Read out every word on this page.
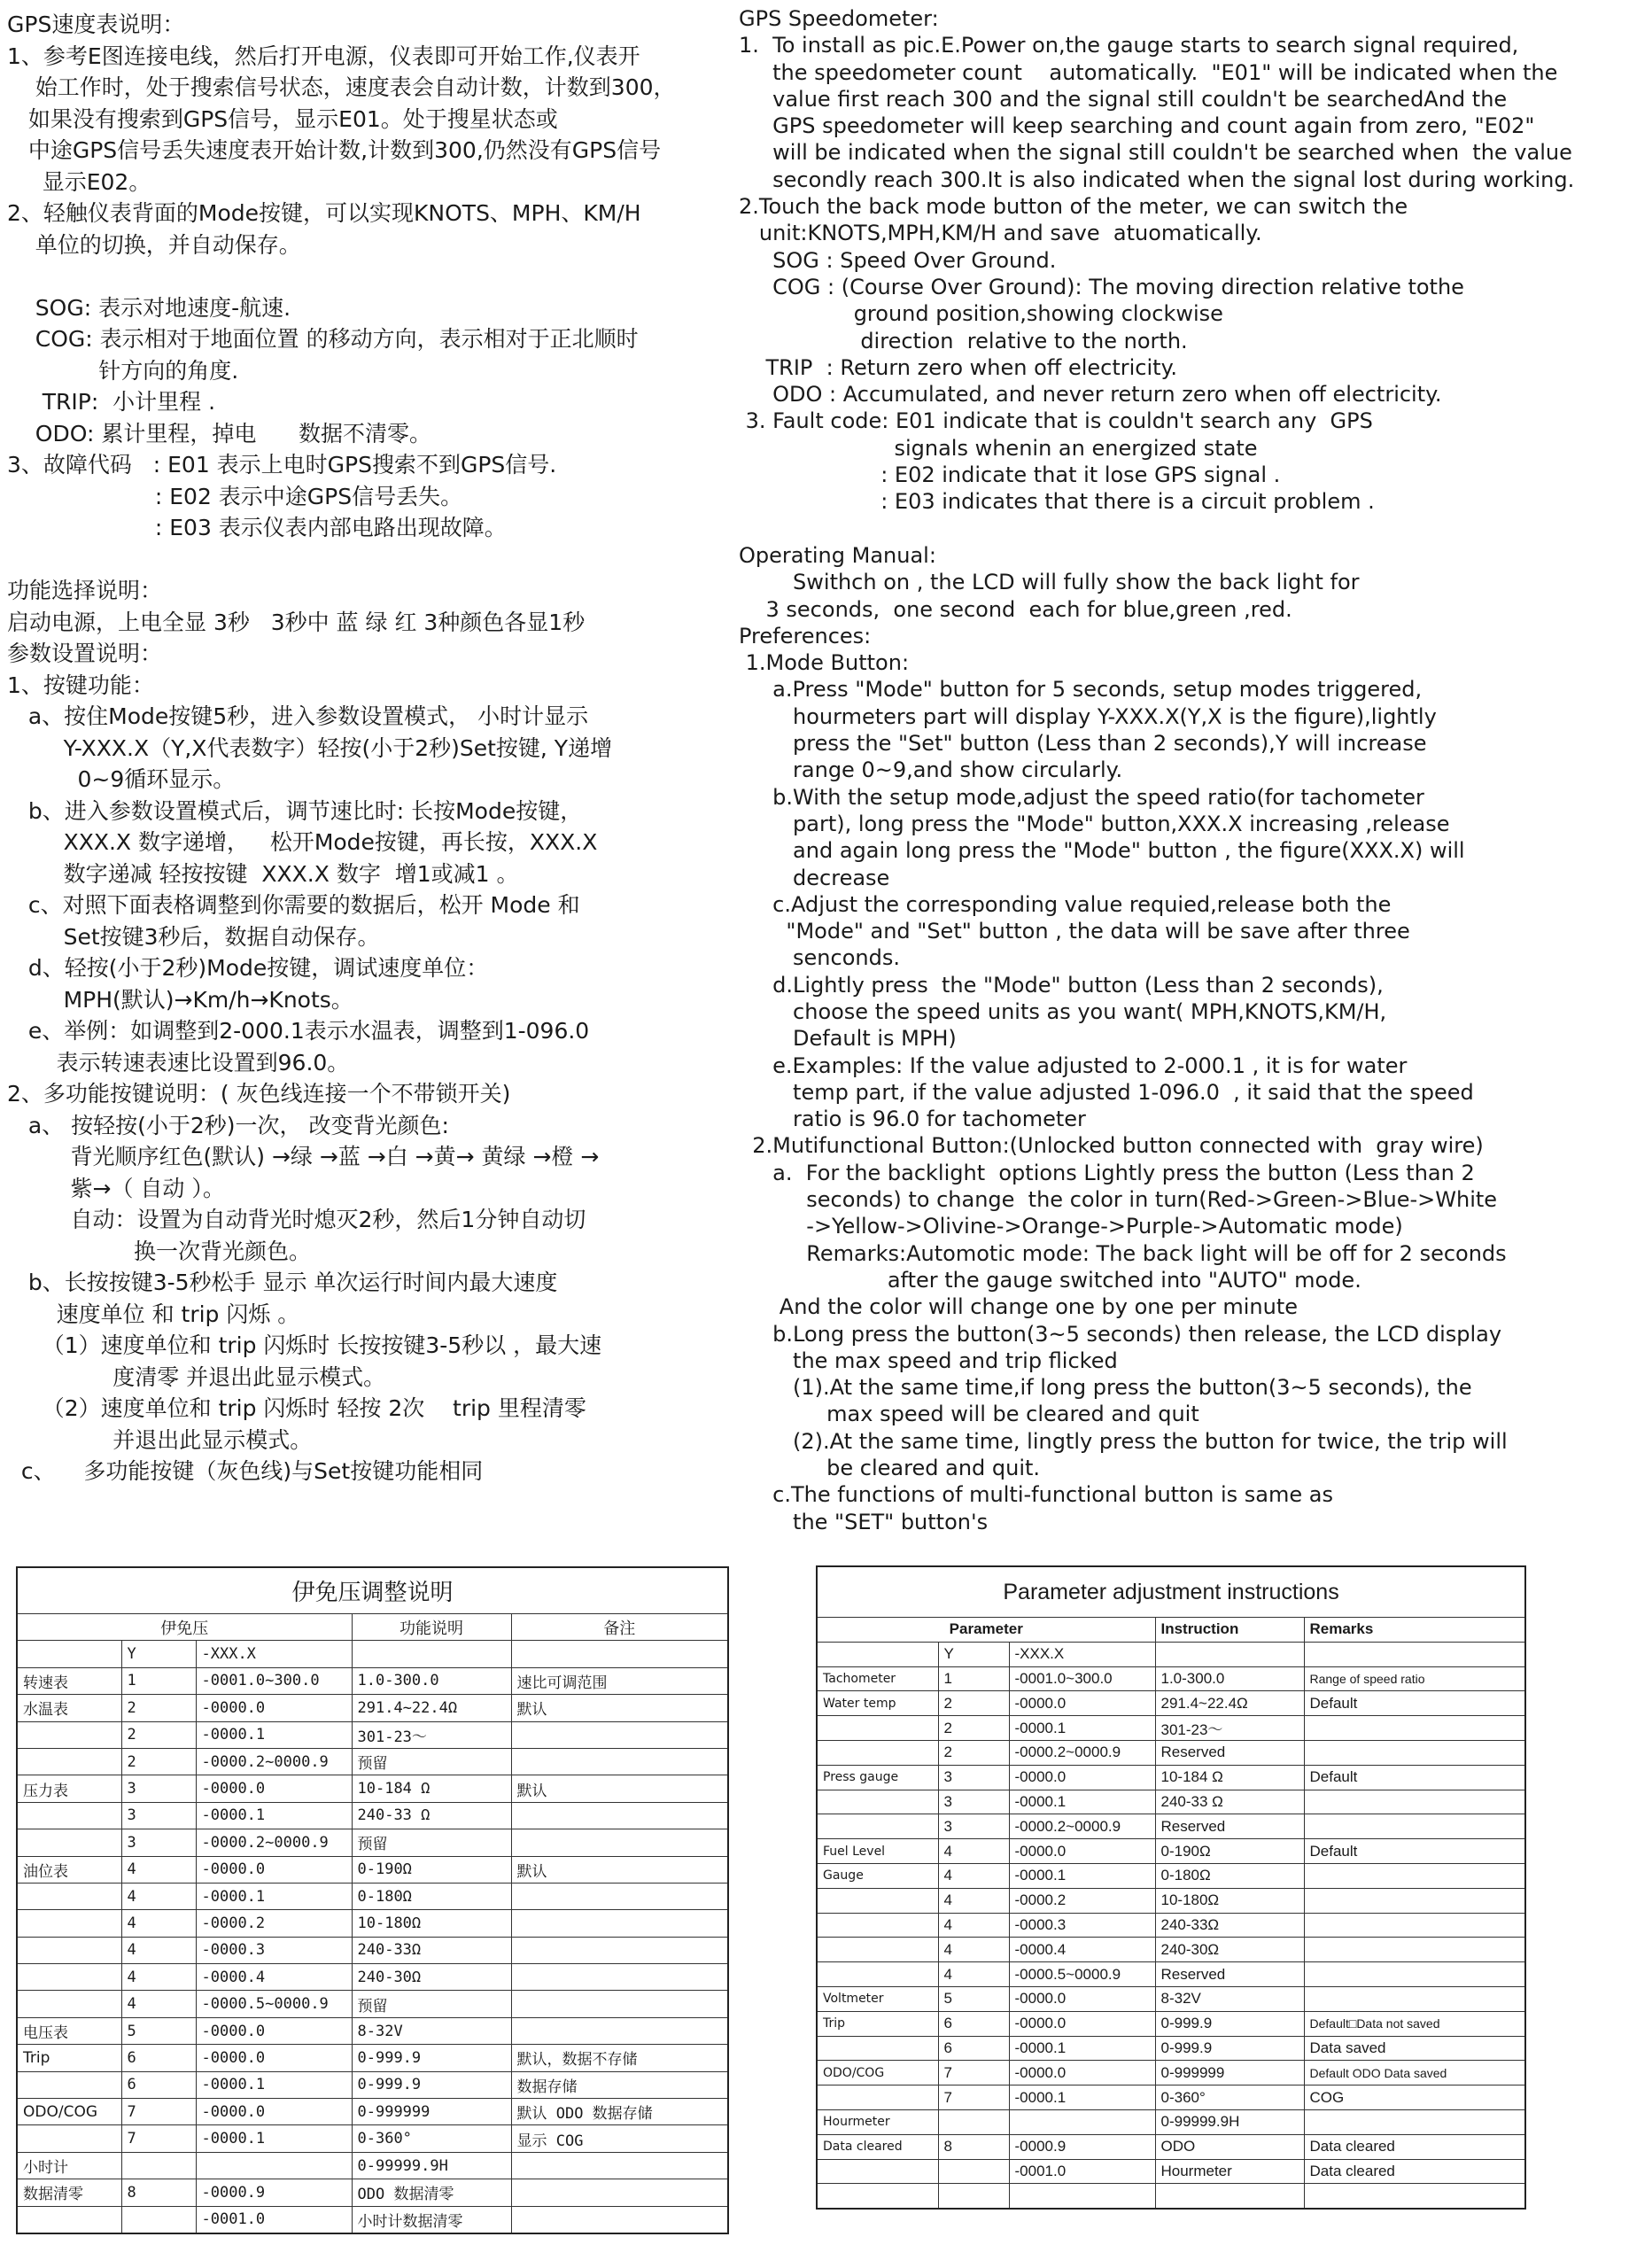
GPS速度表说明：

1、参考E图连接电线，然后打开电源，仪表即可开始工作,仪表开

始工作时，处于搜索信号状态，速度表会自动计数，计数到300，

如果没有搜索到GPS信号，显示E01。处于搜星状态或

中途GPS信号丢失速度表开始计数,计数到300,仍然没有GPS信号

显示E02。

2、轻触仪表背面的Mode按键，可以实现KNOTS、MPH、KM/H

单位的切换，并自动保存。

SOG: 表示对地速度-航速.

COG: 表示相对于地面位置 的移动方向，表示相对于正北顺时

针方向的角度.

TRIP:  小计里程 .

ODO: 累计里程，掉电      数据不清零。

3、故障代码   : E01 表示上电时GPS搜索不到GPS信号.

: E02 表示中途GPS信号丢失。

: E03 表示仪表内部电路出现故障。

功能选择说明：

启动电源，上电全显 3秒   3秒中 蓝 绿 红 3种颜色各显1秒

参数设置说明：

1、按键功能：

a、按住Mode按键5秒，进入参数设置模式， 小时计显示

Y-XXX.X（Y,X代表数字）轻按(小于2秒)Set按键, Y递增

0~9循环显示。

b、进入参数设置模式后，调节速比时: 长按Mode按键，

XXX.X 数字递增，   松开Mode按键，再长按，XXX.X

数字递减 轻按按键  XXX.X 数字  增1或减1 。

c、对照下面表格调整到你需要的数据后，松开 Mode 和

Set按键3秒后，数据自动保存。

d、轻按(小于2秒)Mode按键，调试速度单位：

MPH(默认)→Km/h→Knots。

e、举例：如调整到2-000.1表示水温表，调整到1-096.0

表示转速表速比设置到96.0。

2、多功能按键说明：( 灰色线连接一个不带锁开关)

a、 按轻按(小于2秒)一次， 改变背光颜色:

背光顺序红色(默认) →绿 →蓝 →白 →黄→ 黄绿 →橙 →

紫→（ 自动 ）。

自动：设置为自动背光时熄灭2秒，然后1分钟自动切

换一次背光颜色。

b、长按按键3-5秒松手 显示 单次运行时间内最大速度

速度单位 和 trip 闪烁 。

（1）速度单位和 trip 闪烁时 长按按键3-5秒以 ，最大速

度清零 并退出此显示模式。

（2）速度单位和 trip 闪烁时 轻按 2次    trip 里程清零

并退出此显示模式。

c、    多功能按键（灰色线)与Set按键功能相同

GPS Speedometer:

1.  To install as pic.E.Power on,the gauge starts to search signal required,

the speedometer count    automatically.  "E01" will be indicated when the

value first reach 300 and the signal still couldn't be searchedAnd the

GPS speedometer will keep searching and count again from zero, "E02"

will be indicated when the signal still couldn't be searched when  the value

secondly reach 300.It is also indicated when the signal lost during working.

2.Touch the back mode button of the meter, we can switch the

unit:KNOTS,MPH,KM/H and save  atuomatically.

SOG : Speed Over Ground.

COG : (Course Over Ground): The moving direction relative tothe

ground position,showing clockwise

direction  relative to the north.

TRIP  : Return zero when off electricity.

ODO : Accumulated, and never return zero when off electricity.

3. Fault code: E01 indicate that is couldn't search any  GPS

signals whenin an energized state

: E02 indicate that it lose GPS signal .

: E03 indicates that there is a circuit problem .

Operating Manual:

Swithch on , the LCD will fully show the back light for

3 seconds,  one second  each for blue,green ,red.

Preferences:

1.Mode Button:

a.Press "Mode" button for 5 seconds, setup modes triggered,

hourmeters part will display Y-XXX.X(Y,X is the figure),lightly

press the "Set" button (Less than 2 seconds),Y will increase

range 0~9,and show circularly.

b.With the setup mode,adjust the speed ratio(for tachometer

part), long press the "Mode" button,XXX.X increasing ,release

and again long press the "Mode" button , the figure(XXX.X) will

decrease

c.Adjust the corresponding value requied,release both the

"Mode" and "Set" button , the data will be save after three

senconds.

d.Lightly press  the "Mode" button (Less than 2 seconds),

choose the speed units as you want( MPH,KNOTS,KM/H,

Default is MPH)

e.Examples: If the value adjusted to 2-000.1 , it is for water

temp part, if the value adjusted 1-096.0  , it said that the speed

ratio is 96.0 for tachometer

2.Mutifunctional Button:(Unlocked button connected with  gray wire)

a.  For the backlight  options Lightly press the button (Less than 2

seconds) to change  the color in turn(Red->Green->Blue->White

->Yellow->Olivine->Orange->Purple->Automatic mode)

Remarks:Automotic mode: The back light will be off for 2 seconds

after the gauge switched into "AUTO" mode.

And the color will change one by one per minute

b.Long press the button(3~5 seconds) then release, the LCD display

the max speed and trip flicked

(1).At the same time,if long press the button(3~5 seconds), the

max speed will be cleared and quit

(2).At the same time, lingtly press the button for twice, the trip will

be cleared and quit.

c.The functions of multi-functional button is same as

the "SET" button's

伊免压调整说明				
伊免压			功能说明	备注
	Y	-XXX.X		
转速表	1	-0001.0~300.0	1.0-300.0	速比可调范围
水温表	2	-0000.0	291.4~22.4Ω	默认
	2	-0000.1	301-23〜	
	2	-0000.2~0000.9	预留	
压力表	3	-0000.0	10-184 Ω	默认
	3	-0000.1	240-33 Ω	
	3	-0000.2~0000.9	预留	
油位表	4	-0000.0	0-190Ω	默认
	4	-0000.1	0-180Ω	
	4	-0000.2	10-180Ω	
	4	-0000.3	240-33Ω	
	4	-0000.4	240-30Ω	
	4	-0000.5~0000.9	预留	
电压表	5	-0000.0	8-32V	
Trip	6	-0000.0	0-999.9	默认，数据不存储
	6	-0000.1	0-999.9	数据存储
ODO/COG	7	-0000.0	0-999999	默认 ODO 数据存储
	7	-0000.1	0-360°	显示 COG
小时计			0-99999.9H	
数据清零	8	-0000.9	ODO 数据清零	
		-0001.0	小时计数据清零	
Parameter adjustment instructions				
Parameter			Instruction	Remarks
	Y	-XXX.X		
Tachometer	1	-0001.0~300.0	1.0-300.0	Range of speed ratio
Water temp	2	-0000.0	291.4~22.4Ω	Default
	2	-0000.1	301-23〜	
	2	-0000.2~0000.9	Reserved	
Press gauge	3	-0000.0	10-184 Ω	Default
	3	-0000.1	240-33 Ω	
	3	-0000.2~0000.9	Reserved	
Fuel Level	4	-0000.0	0-190Ω	Default
Gauge	4	-0000.1	0-180Ω	
	4	-0000.2	10-180Ω	
	4	-0000.3	240-33Ω	
	4	-0000.4	240-30Ω	
	4	-0000.5~0000.9	Reserved	
Voltmeter	5	-0000.0	8-32V	
Trip	6	-0000.0	0-999.9	Default□Data not saved
	6	-0000.1	0-999.9	Data saved
ODO/COG	7	-0000.0	0-999999	Default ODO Data saved
	7	-0000.1	0-360°	COG
Hourmeter			0-99999.9H	
Data cleared	8	-0000.9	ODO	Data cleared
		-0001.0	Hourmeter	Data cleared
